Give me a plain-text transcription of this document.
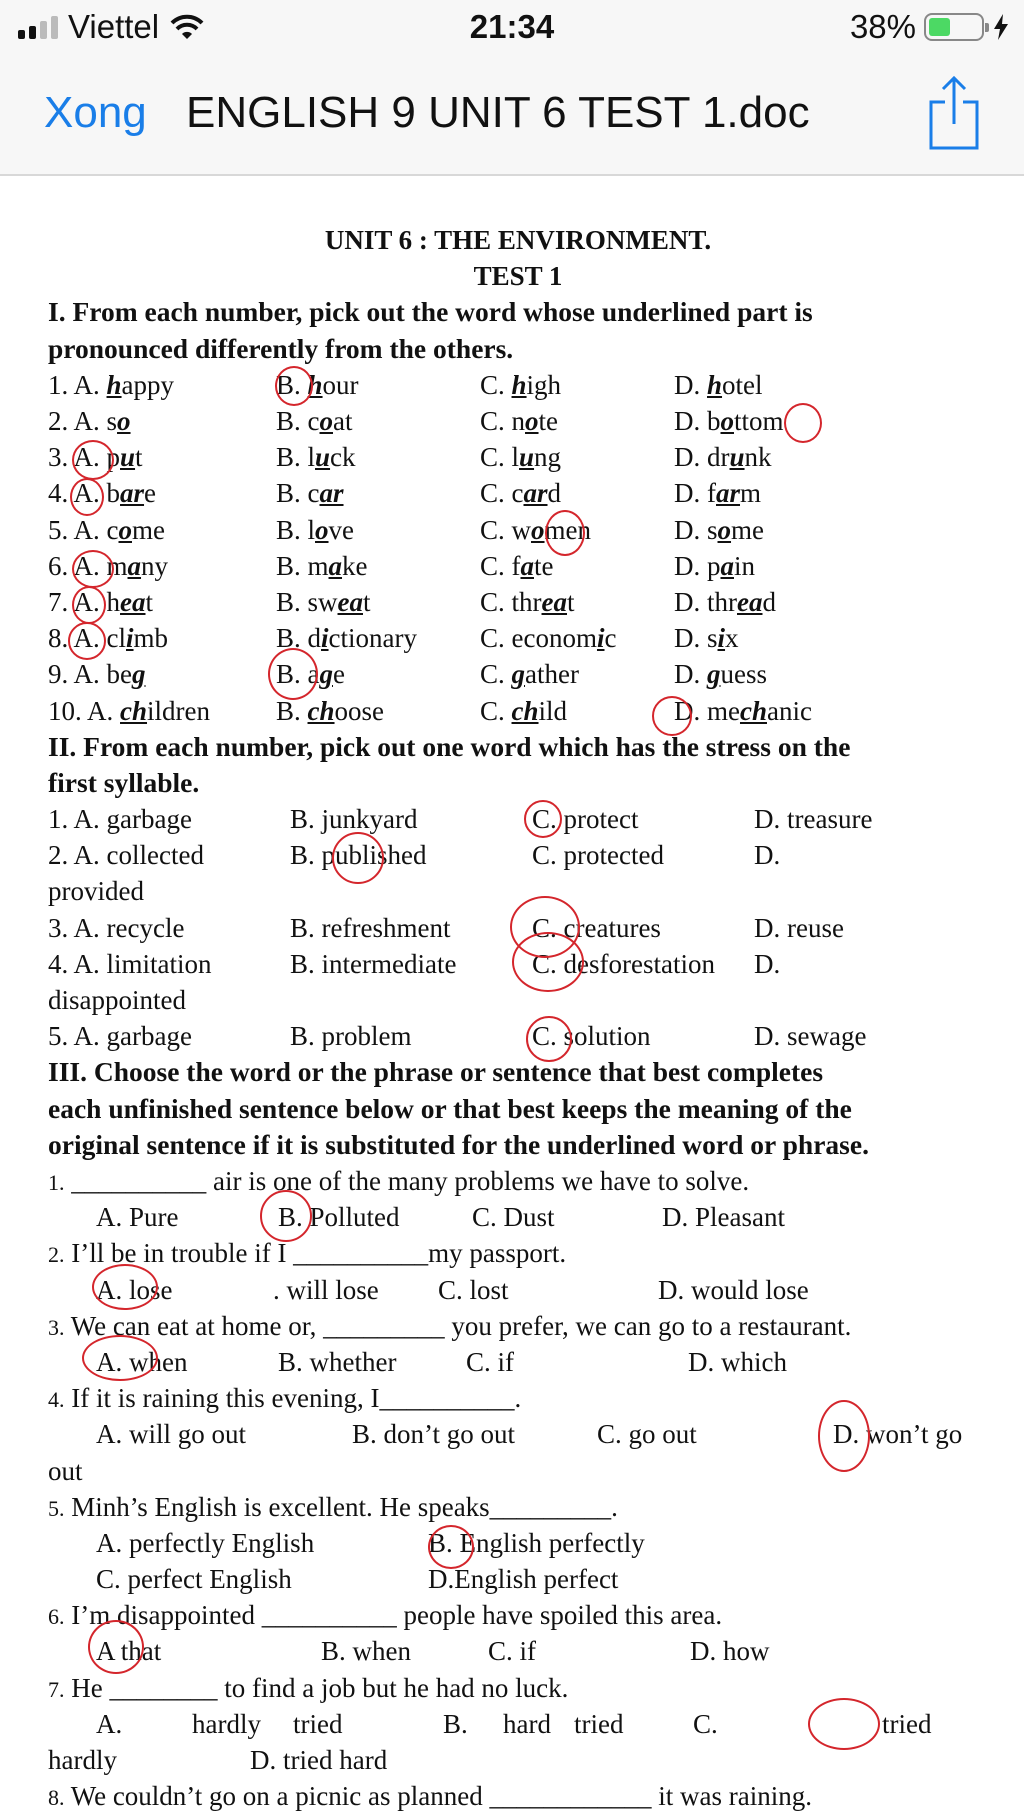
Viettel	21:34	38%
Xong ENGLISH 9 UNIT 6 TEST 1.doc
UNIT 6 : THE ENVIRONMENT.
TEST 1
I. From each number, pick out the word whose underlined part is
pronounced differently from the others.
1. A. happy	B. hour	C. high	D. hotel
2. A. so	B. coat	C. note	D. bottom
3. A. put	B. luck	C. lung	D. drunk
4. A. bare	B. car	C. card	D. farm
5. A. come	B. love	C. women	D. some
6. A. many	B. make	C. fate	D. pain
7. A. heat	B. sweat	C. threat	D. thread
8. A. climb	B. dictionary C. economic D. six
9. A. beg	B. age	C. gather	D. guess
10. A. children B. choose	C. child	D. mechanic
II. From each number, pick out one word which has the stress on the
first syllable.
1. A. garbage	B. junkyard	C. protect	D. treasure
2. A. collected	B. published	C. protected	D.
provided
3. A. recycle	B. refreshment	C. creatures	D. reuse
4. A. limitation	B. intermediate	C. desforestation D.
disappointed
5. A. garbage	B. problem	C. solution	D. sewage
III. Choose the word or the phrase or sentence that best completes
each unfinished sentence below or that best keeps the meaning of the
original sentence if it is substituted for the underlined word or phrase.
1. __________ air is one of the many problems we have to solve.
A. Pure	B. Polluted	C. Dust	D. Pleasant
2. I’ll be in trouble if I __________my passport.
A. lose	. will lose C. lost	D. would lose
3. We can eat at home or, _________ you prefer, we can go to a restaurant.
A. when	B. whether	C. if	D. which
4. If it is raining this evening, I__________.
A. will go out	B. don’t go out	C. go out	D. won’t go
out
5. Minh’s English is excellent. He speaks_________.
A. perfectly English	B. English perfectly
C. perfect English	D.English perfect
6. I’m disappointed __________ people have spoiled this area.
A that	B. when	C. if	D. how
7. He ________ to find a job but he had no luck.
A.	hardly tried	B. hard tried	C.	tried
hardly	D. tried hard
8. We couldn’t go on a picnic as planned ____________ it was raining.
